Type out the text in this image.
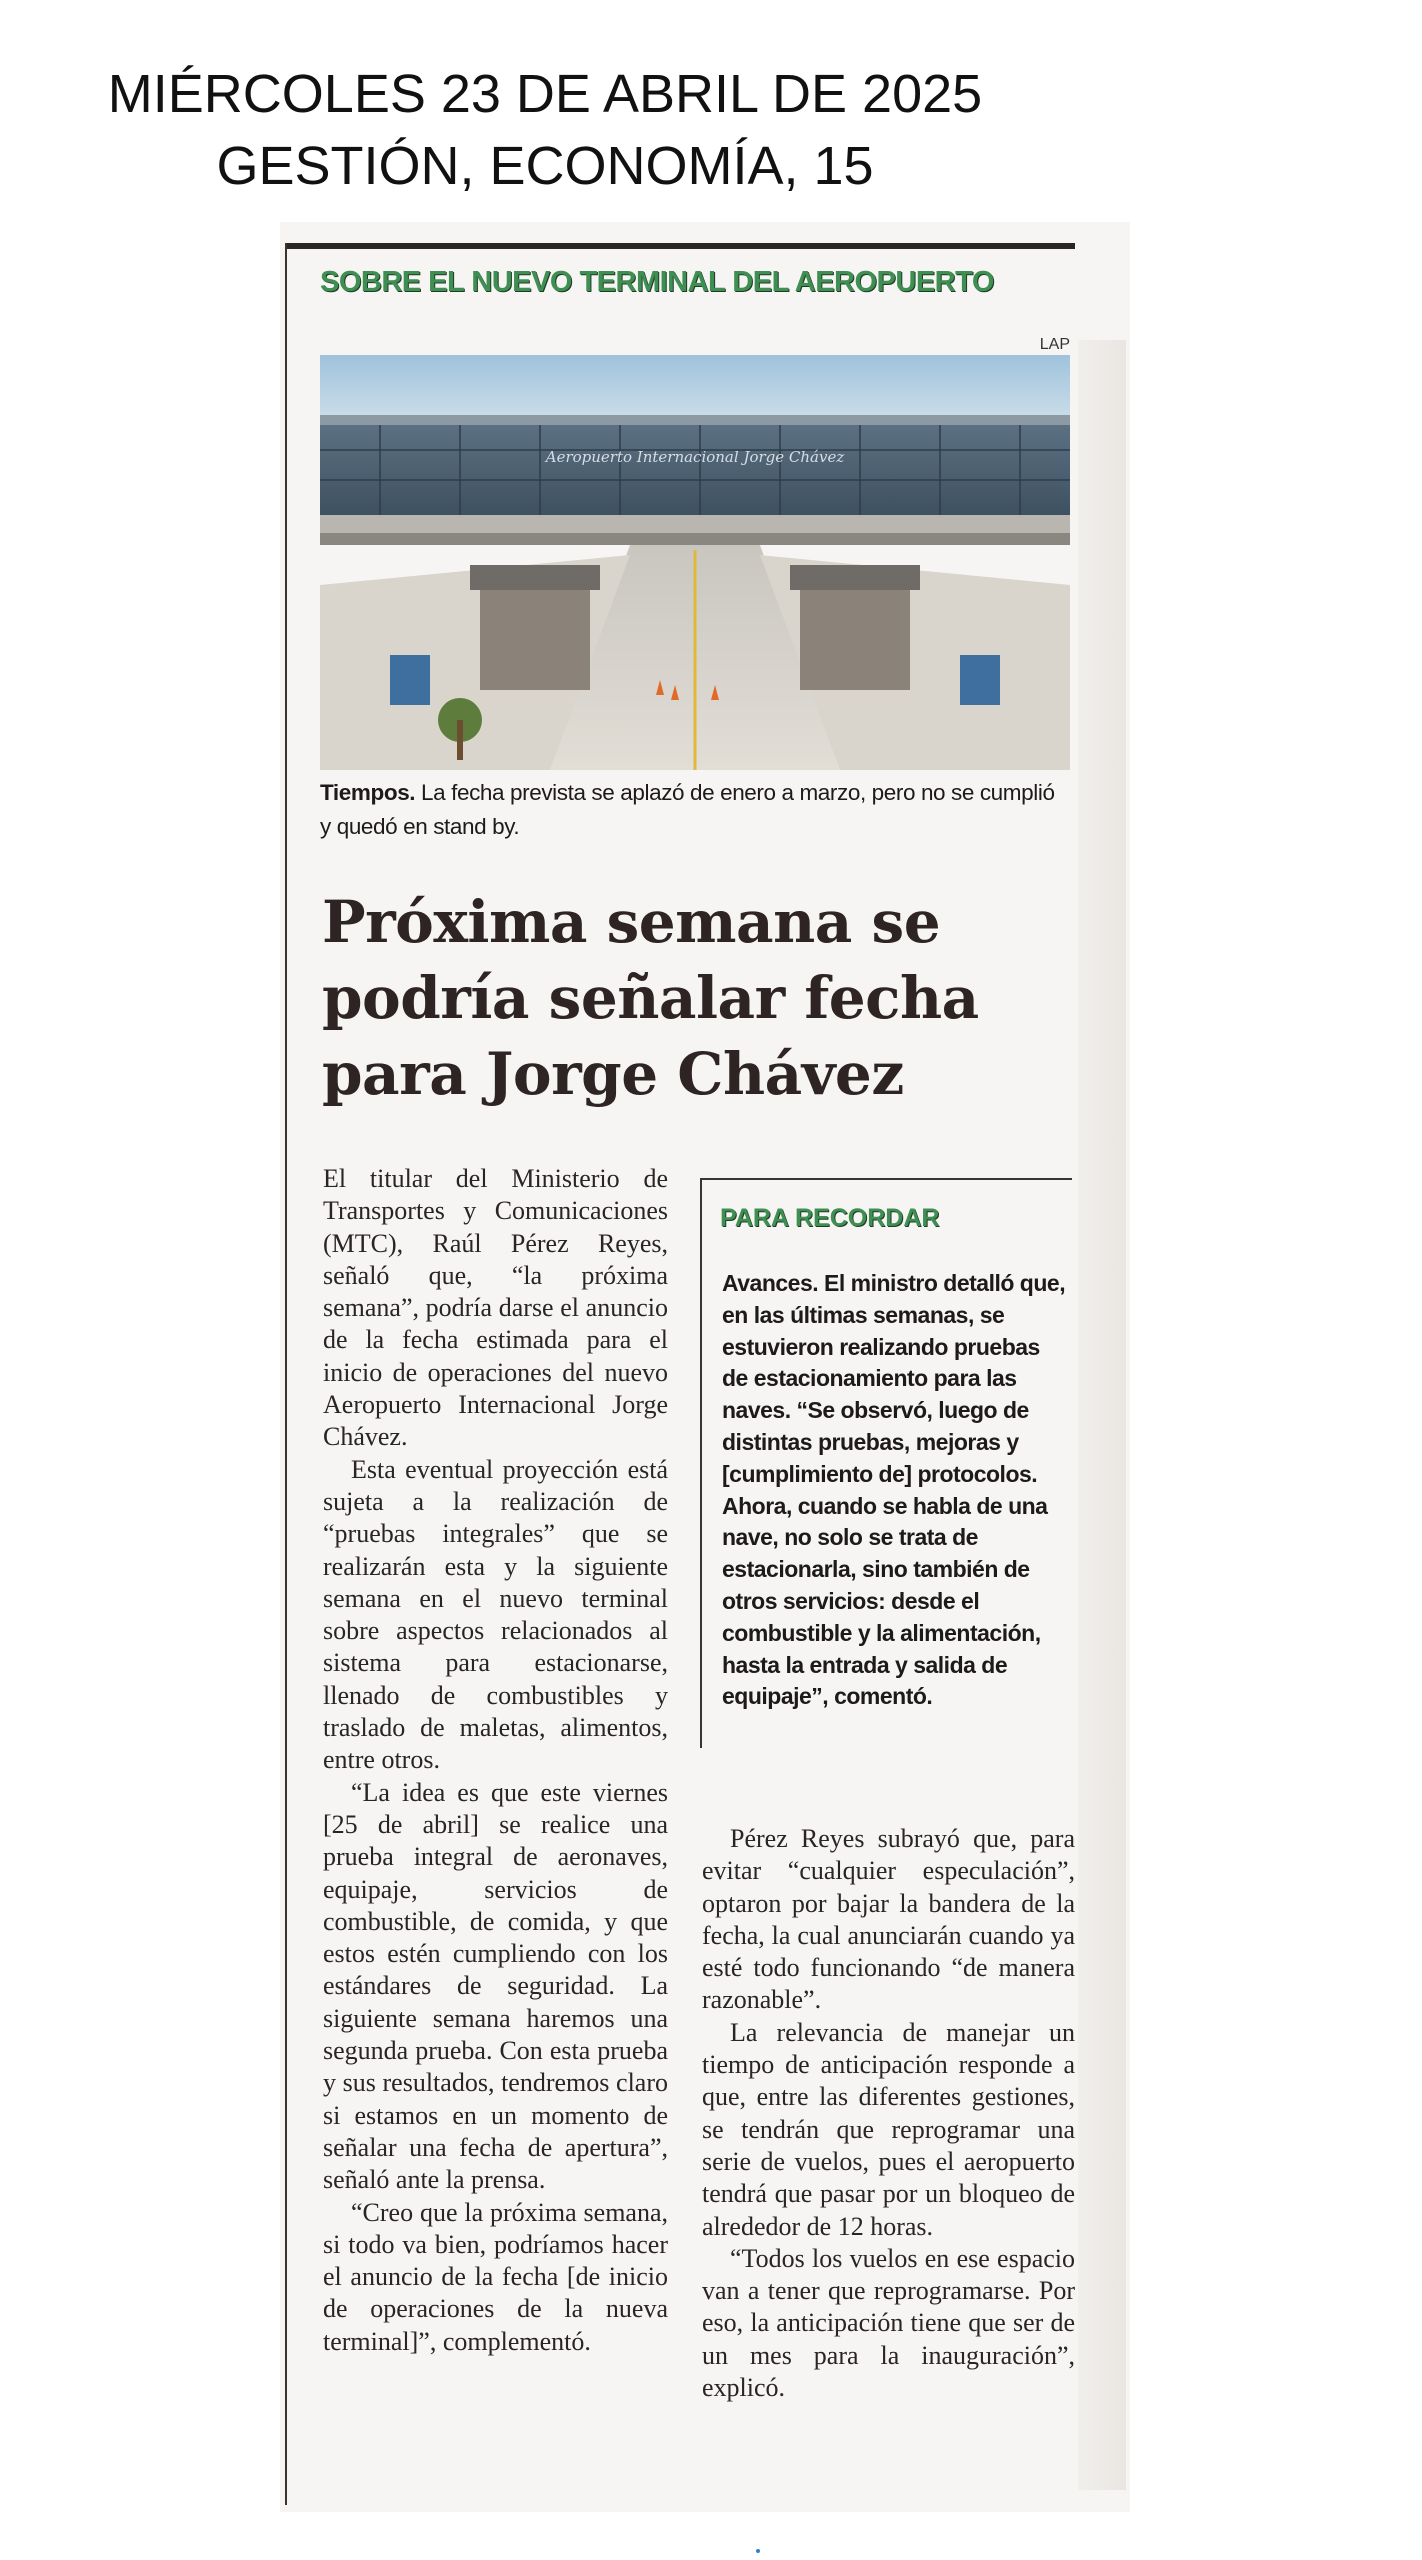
MIÉRCOLES 23 DE ABRIL DE 2025
GESTIÓN, ECONOMÍA, 15
SOBRE EL NUEVO TERMINAL DEL AEROPUERTO
LAP
Aeropuerto Internacional Jorge Chávez
Tiempos. La fecha prevista se aplazó de enero a marzo, pero no se cumplió y quedó en stand by.
Próxima semana se podría señalar fecha para Jorge Chávez

El titular del Ministerio de Transportes y Comunicaciones (MTC), Raúl Pérez Reyes, señaló que, “la próxima semana”, podría darse el anuncio de la fecha estimada para el inicio de operaciones del nuevo Aeropuerto Internacional Jorge Chávez.

Esta eventual proyección está sujeta a la realización de “pruebas integrales” que se realizarán esta y la siguiente semana en el nuevo terminal sobre aspectos relacionados al sistema para estacionarse, llenado de combustibles y traslado de maletas, alimentos, entre otros.

“La idea es que este viernes [25 de abril] se realice una prueba integral de aeronaves, equipaje, servicios de combustible, de comida, y que estos estén cumpliendo con los estándares de seguridad. La siguiente semana haremos una segunda prueba. Con esta prueba y sus resultados, tendremos claro si estamos en un momento de señalar una fecha de apertura”, señaló ante la prensa.

“Creo que la próxima semana, si todo va bien, podríamos hacer el anuncio de la fecha [de inicio de operaciones de la nueva terminal]”, complementó.

PARA RECORDAR
Avances. El ministro detalló que, en las últimas semanas, se estuvieron realizando pruebas de estacionamiento para las naves. “Se observó, luego de distintas pruebas, mejoras y [cumplimiento de] protocolos. Ahora, cuando se habla de una nave, no solo se trata de estacionarla, sino también de otros servicios: desde el combustible y la alimentación, hasta la entrada y salida de equipaje”, comentó.

Pérez Reyes subrayó que, para evitar “cualquier especulación”, optaron por bajar la bandera de la fecha, la cual anunciarán cuando ya esté todo funcionando “de manera razonable”.

La relevancia de manejar un tiempo de anticipación responde a que, entre las diferentes gestiones, se tendrán que reprogramar una serie de vuelos, pues el aeropuerto tendrá que pasar por un bloqueo de alrededor de 12 horas.

“Todos los vuelos en ese espacio van a tener que reprogramarse. Por eso, la anticipación tiene que ser de un mes para la inauguración”, explicó.
